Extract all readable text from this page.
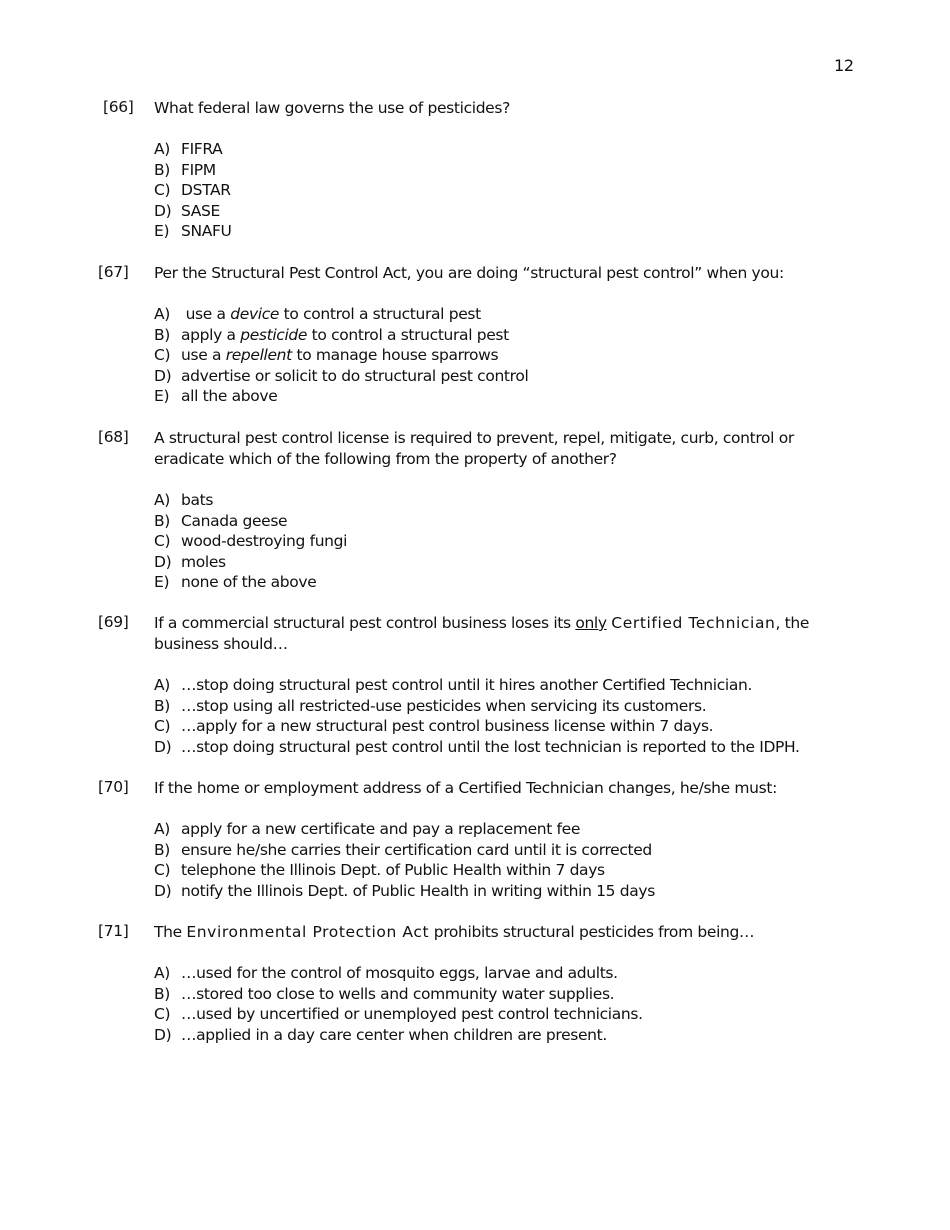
12
[66] What federal law governs the use of pesticides?
A) FIFRA
B) FIPM
C) DSTAR
D) SASE
E) SNAFU
[67] Per the Structural Pest Control Act, you are doing “structural pest control” when you:
A) use a device to control a structural pest
B) apply a pesticide to control a structural pest
C) use a repellent to manage house sparrows
D) advertise or solicit to do structural pest control
E) all the above
[68] A structural pest control license is required to prevent, repel, mitigate, curb, control or eradicate which of the following from the property of another?
A) bats
B) Canada geese
C) wood-destroying fungi
D) moles
E) none of the above
[69] If a commercial structural pest control business loses its only Certified Technician, the business should…
A) …stop doing structural pest control until it hires another Certified Technician.
B) …stop using all restricted-use pesticides when servicing its customers.
C) …apply for a new structural pest control business license within 7 days.
D) …stop doing structural pest control until the lost technician is reported to the IDPH.
[70] If the home or employment address of a Certified Technician changes, he/she must:
A) apply for a new certificate and pay a replacement fee
B) ensure he/she carries their certification card until it is corrected
C) telephone the Illinois Dept. of Public Health within 7 days
D) notify the Illinois Dept. of Public Health in writing within 15 days
[71] The Environmental Protection Act prohibits structural pesticides from being…
A) …used for the control of mosquito eggs, larvae and adults.
B) …stored too close to wells and community water supplies.
C) …used by uncertified or unemployed pest control technicians.
D) …applied in a day care center when children are present.
